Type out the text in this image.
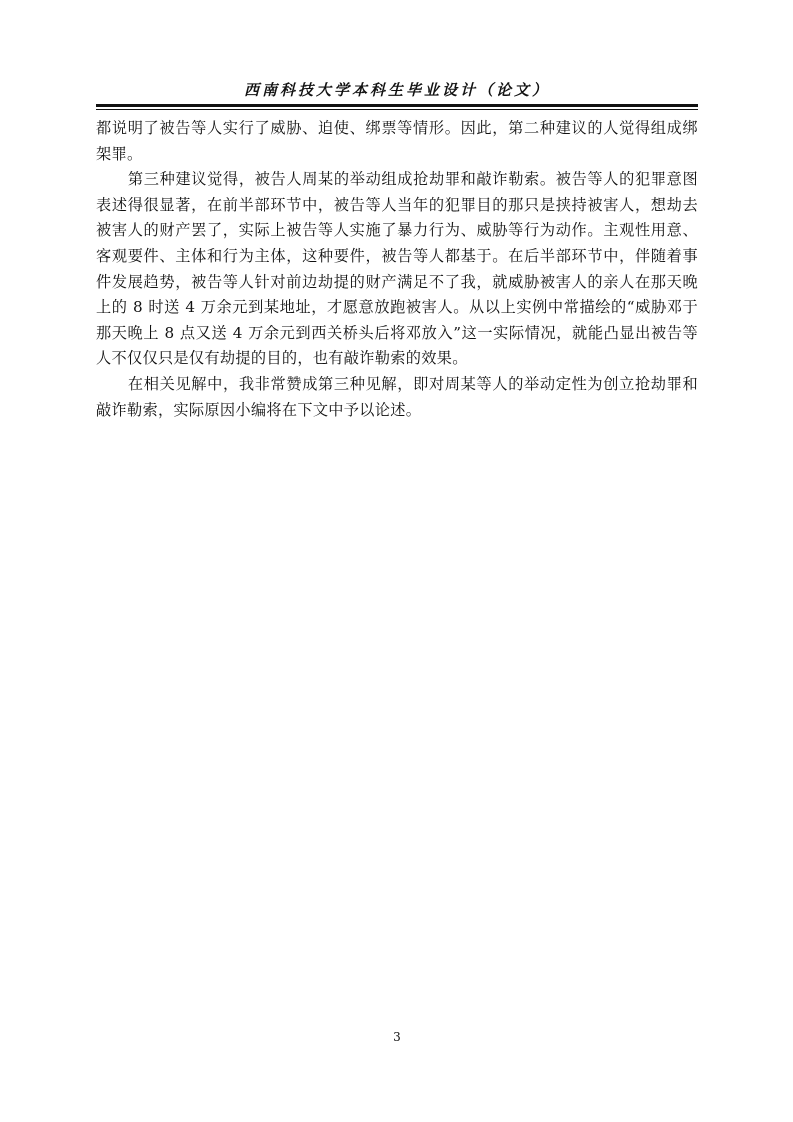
西南科技大学本科生毕业设计（论文）

都说明了被告等人实行了威胁、迫使、绑票等情形。因此，第二种建议的人觉得组成绑架罪。

第三种建议觉得，被告人周某的举动组成抢劫罪和敲诈勒索。被告等人的犯罪意图表述得很显著，在前半部环节中，被告等人当年的犯罪目的那只是挟持被害人，想劫去被害人的财产罢了，实际上被告等人实施了暴力行为、威胁等行为动作。主观性用意、客观要件、主体和行为主体，这种要件，被告等人都基于。在后半部环节中，伴随着事件发展趋势，被告等人针对前边劫提的财产满足不了我，就威胁被害人的亲人在那天晚上的 8 时送 4 万余元到某地址，才愿意放跑被害人。从以上实例中常描绘的“威胁邓于那天晚上 8 点又送 4 万余元到西关桥头后将邓放入”这一实际情况，就能凸显出被告等人不仅仅只是仅有劫提的目的，也有敲诈勒索的效果。

在相关见解中，我非常赞成第三种见解，即对周某等人的举动定性为创立抢劫罪和敲诈勒索，实际原因小编将在下文中予以论述。

3
